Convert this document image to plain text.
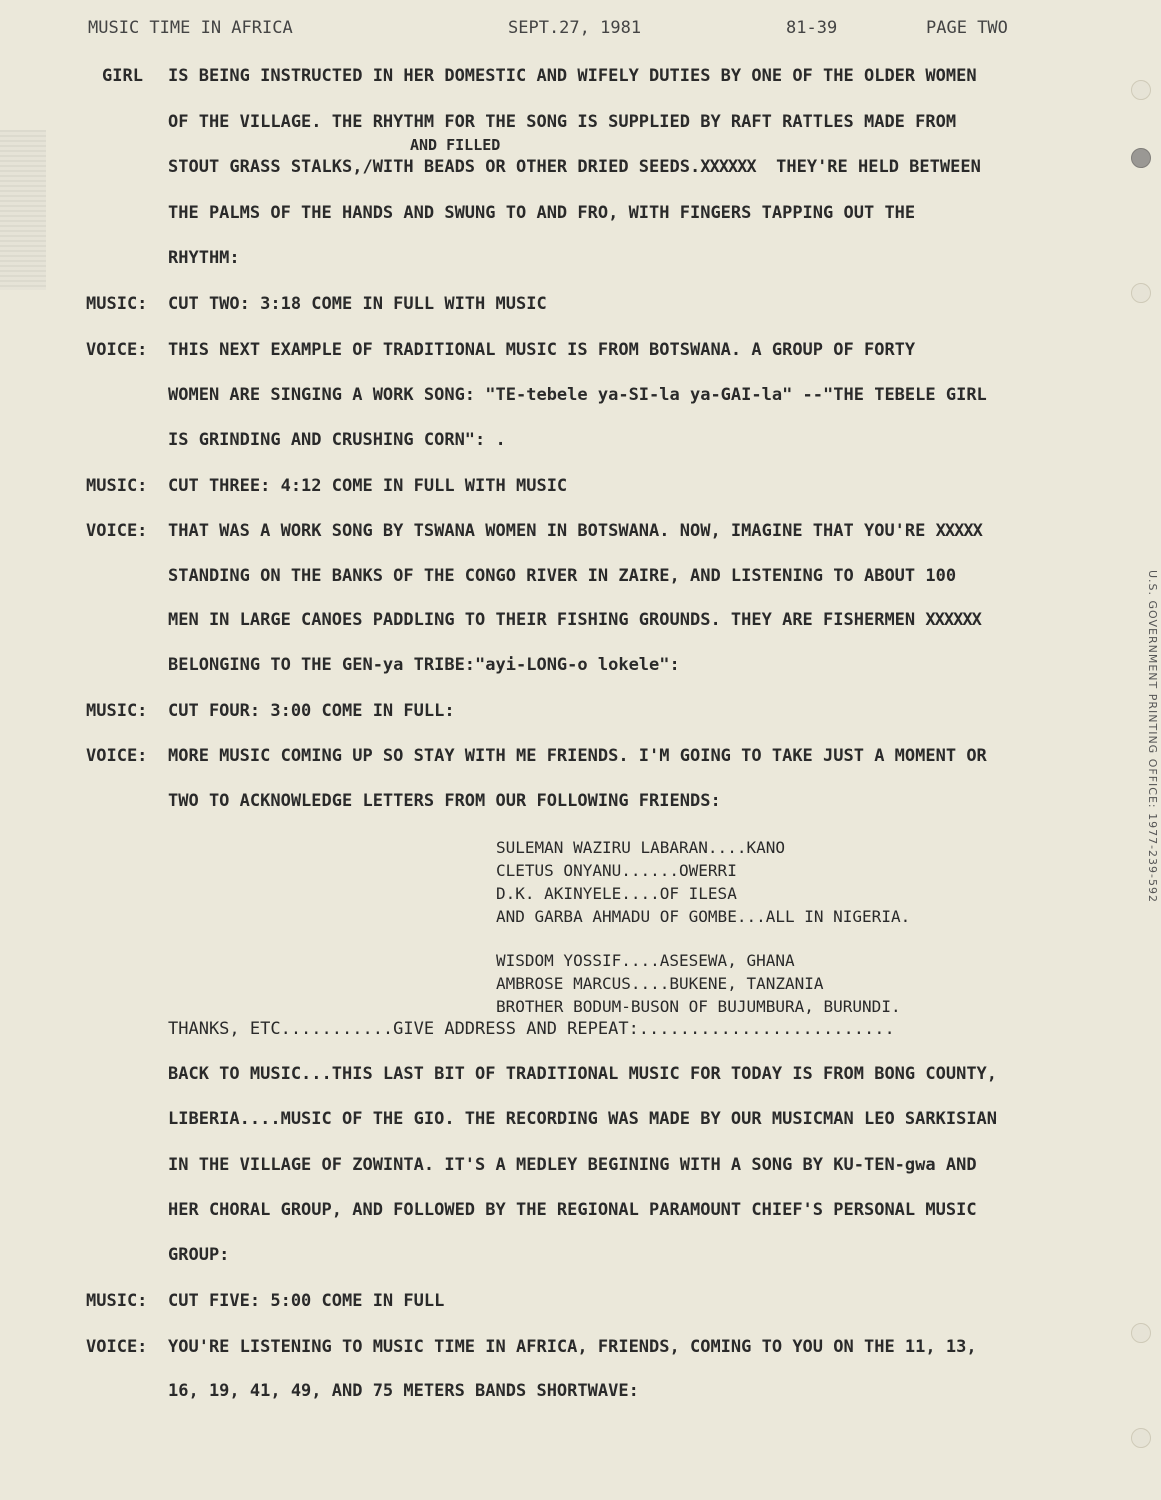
U.S. GOVERNMENT PRINTING OFFICE: 1977-239-592
MUSIC TIME IN AFRICA	SEPT.27, 1981	81-39	PAGE TWO
GIRL IS BEING INSTRUCTED IN HER DOMESTIC AND WIFELY DUTIES BY ONE OF THE OLDER WOMEN
OF THE VILLAGE. THE RHYTHM FOR THE SONG IS SUPPLIED BY RAFT RATTLES MADE FROM
AND FILLED
STOUT GRASS STALKS,/WITH BEADS OR OTHER DRIED SEEDS.XXXXXX THEY'RE HELD BETWEEN
THE PALMS OF THE HANDS AND SWUNG TO AND FRO, WITH FINGERS TAPPING OUT THE
RHYTHM:
MUSIC: CUT TWO: 3:18 COME IN FULL WITH MUSIC
VOICE: THIS NEXT EXAMPLE OF TRADITIONAL MUSIC IS FROM BOTSWANA. A GROUP OF FORTY
WOMEN ARE SINGING A WORK SONG: "TE-tebele ya-SI-la ya-GAI-la" --"THE TEBELE GIRL
IS GRINDING AND CRUSHING CORN": .
MUSIC: CUT THREE: 4:12 COME IN FULL WITH MUSIC
VOICE: THAT WAS A WORK SONG BY TSWANA WOMEN IN BOTSWANA. NOW, IMAGINE THAT YOU'RE XXXXX
STANDING ON THE BANKS OF THE CONGO RIVER IN ZAIRE, AND LISTENING TO ABOUT 100
MEN IN LARGE CANOES PADDLING TO THEIR FISHING GROUNDS. THEY ARE FISHERMEN XXXXXX
BELONGING TO THE GEN-ya TRIBE:"ayi-LONG-o lokele":
MUSIC: CUT FOUR: 3:00 COME IN FULL:
VOICE: MORE MUSIC COMING UP SO STAY WITH ME FRIENDS. I'M GOING TO TAKE JUST A MOMENT OR
TWO TO ACKNOWLEDGE LETTERS FROM OUR FOLLOWING FRIENDS:
SULEMAN WAZIRU LABARAN....KANO
CLETUS ONYANU......OWERRI
D.K. AKINYELE....OF ILESA
AND GARBA AHMADU OF GOMBE...ALL IN NIGERIA.
WISDOM YOSSIF....ASESEWA, GHANA
AMBROSE MARCUS....BUKENE, TANZANIA
BROTHER BODUM-BUSON OF BUJUMBURA, BURUNDI.
THANKS, ETC...........GIVE ADDRESS AND REPEAT:.........................
BACK TO MUSIC...THIS LAST BIT OF TRADITIONAL MUSIC FOR TODAY IS FROM BONG COUNTY,
LIBERIA....MUSIC OF THE GIO. THE RECORDING WAS MADE BY OUR MUSICMAN LEO SARKISIAN
IN THE VILLAGE OF ZOWINTA. IT'S A MEDLEY BEGINING WITH A SONG BY KU-TEN-gwa AND
HER CHORAL GROUP, AND FOLLOWED BY THE REGIONAL PARAMOUNT CHIEF'S PERSONAL MUSIC
GROUP:
MUSIC: CUT FIVE: 5:00 COME IN FULL
VOICE: YOU'RE LISTENING TO MUSIC TIME IN AFRICA, FRIENDS, COMING TO YOU ON THE 11, 13,
16, 19, 41, 49, AND 75 METERS BANDS SHORTWAVE:
